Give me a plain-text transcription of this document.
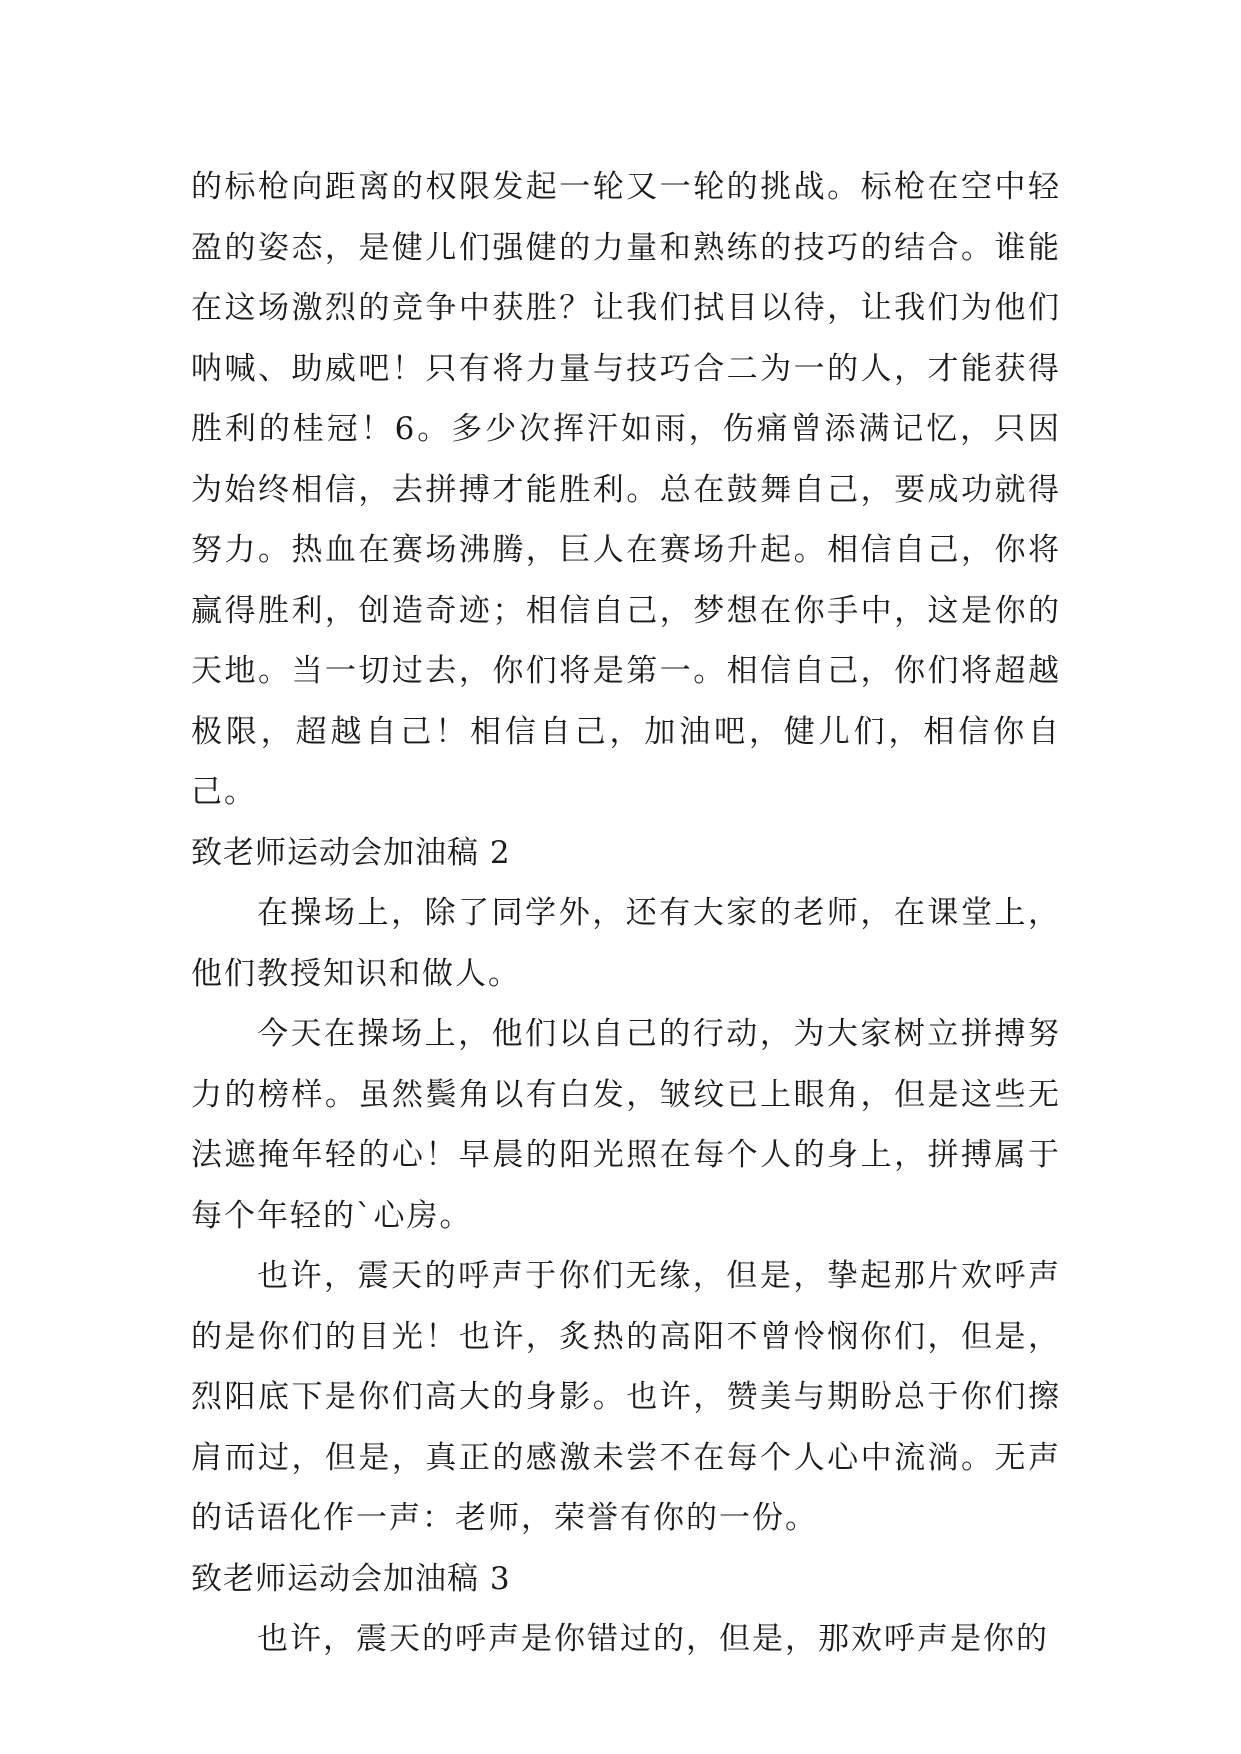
的标枪向距离的权限发起一轮又一轮的挑战。标枪在空中轻盈的姿态，是健儿们强健的力量和熟练的技巧的结合。谁能在这场激烈的竞争中获胜？让我们拭目以待，让我们为他们呐喊、助威吧！只有将力量与技巧合二为一的人，才能获得胜利的桂冠！6。多少次挥汗如雨，伤痛曾添满记忆，只因为始终相信，去拼搏才能胜利。总在鼓舞自己，要成功就得努力。热血在赛场沸腾，巨人在赛场升起。相信自己，你将赢得胜利，创造奇迹；相信自己，梦想在你手中，这是你的天地。当一切过去，你们将是第一。相信自己，你们将超越极限，超越自己！相信自己，加油吧，健儿们，相信你自己。

致老师运动会加油稿 2

在操场上，除了同学外，还有大家的老师，在课堂上，他们教授知识和做人。

今天在操场上，他们以自己的行动，为大家树立拼搏努力的榜样。虽然鬓角以有白发，皱纹已上眼角，但是这些无法遮掩年轻的心！早晨的阳光照在每个人的身上，拼搏属于每个年轻的`心房。

也许，震天的呼声于你们无缘，但是，挚起那片欢呼声的是你们的目光！也许，炙热的高阳不曾怜悯你们，但是，烈阳底下是你们高大的身影。也许，赞美与期盼总于你们擦肩而过，但是，真正的感激未尝不在每个人心中流淌。无声的话语化作一声：老师，荣誉有你的一份。

致老师运动会加油稿 3

也许，震天的呼声是你错过的，但是，那欢呼声是你的
